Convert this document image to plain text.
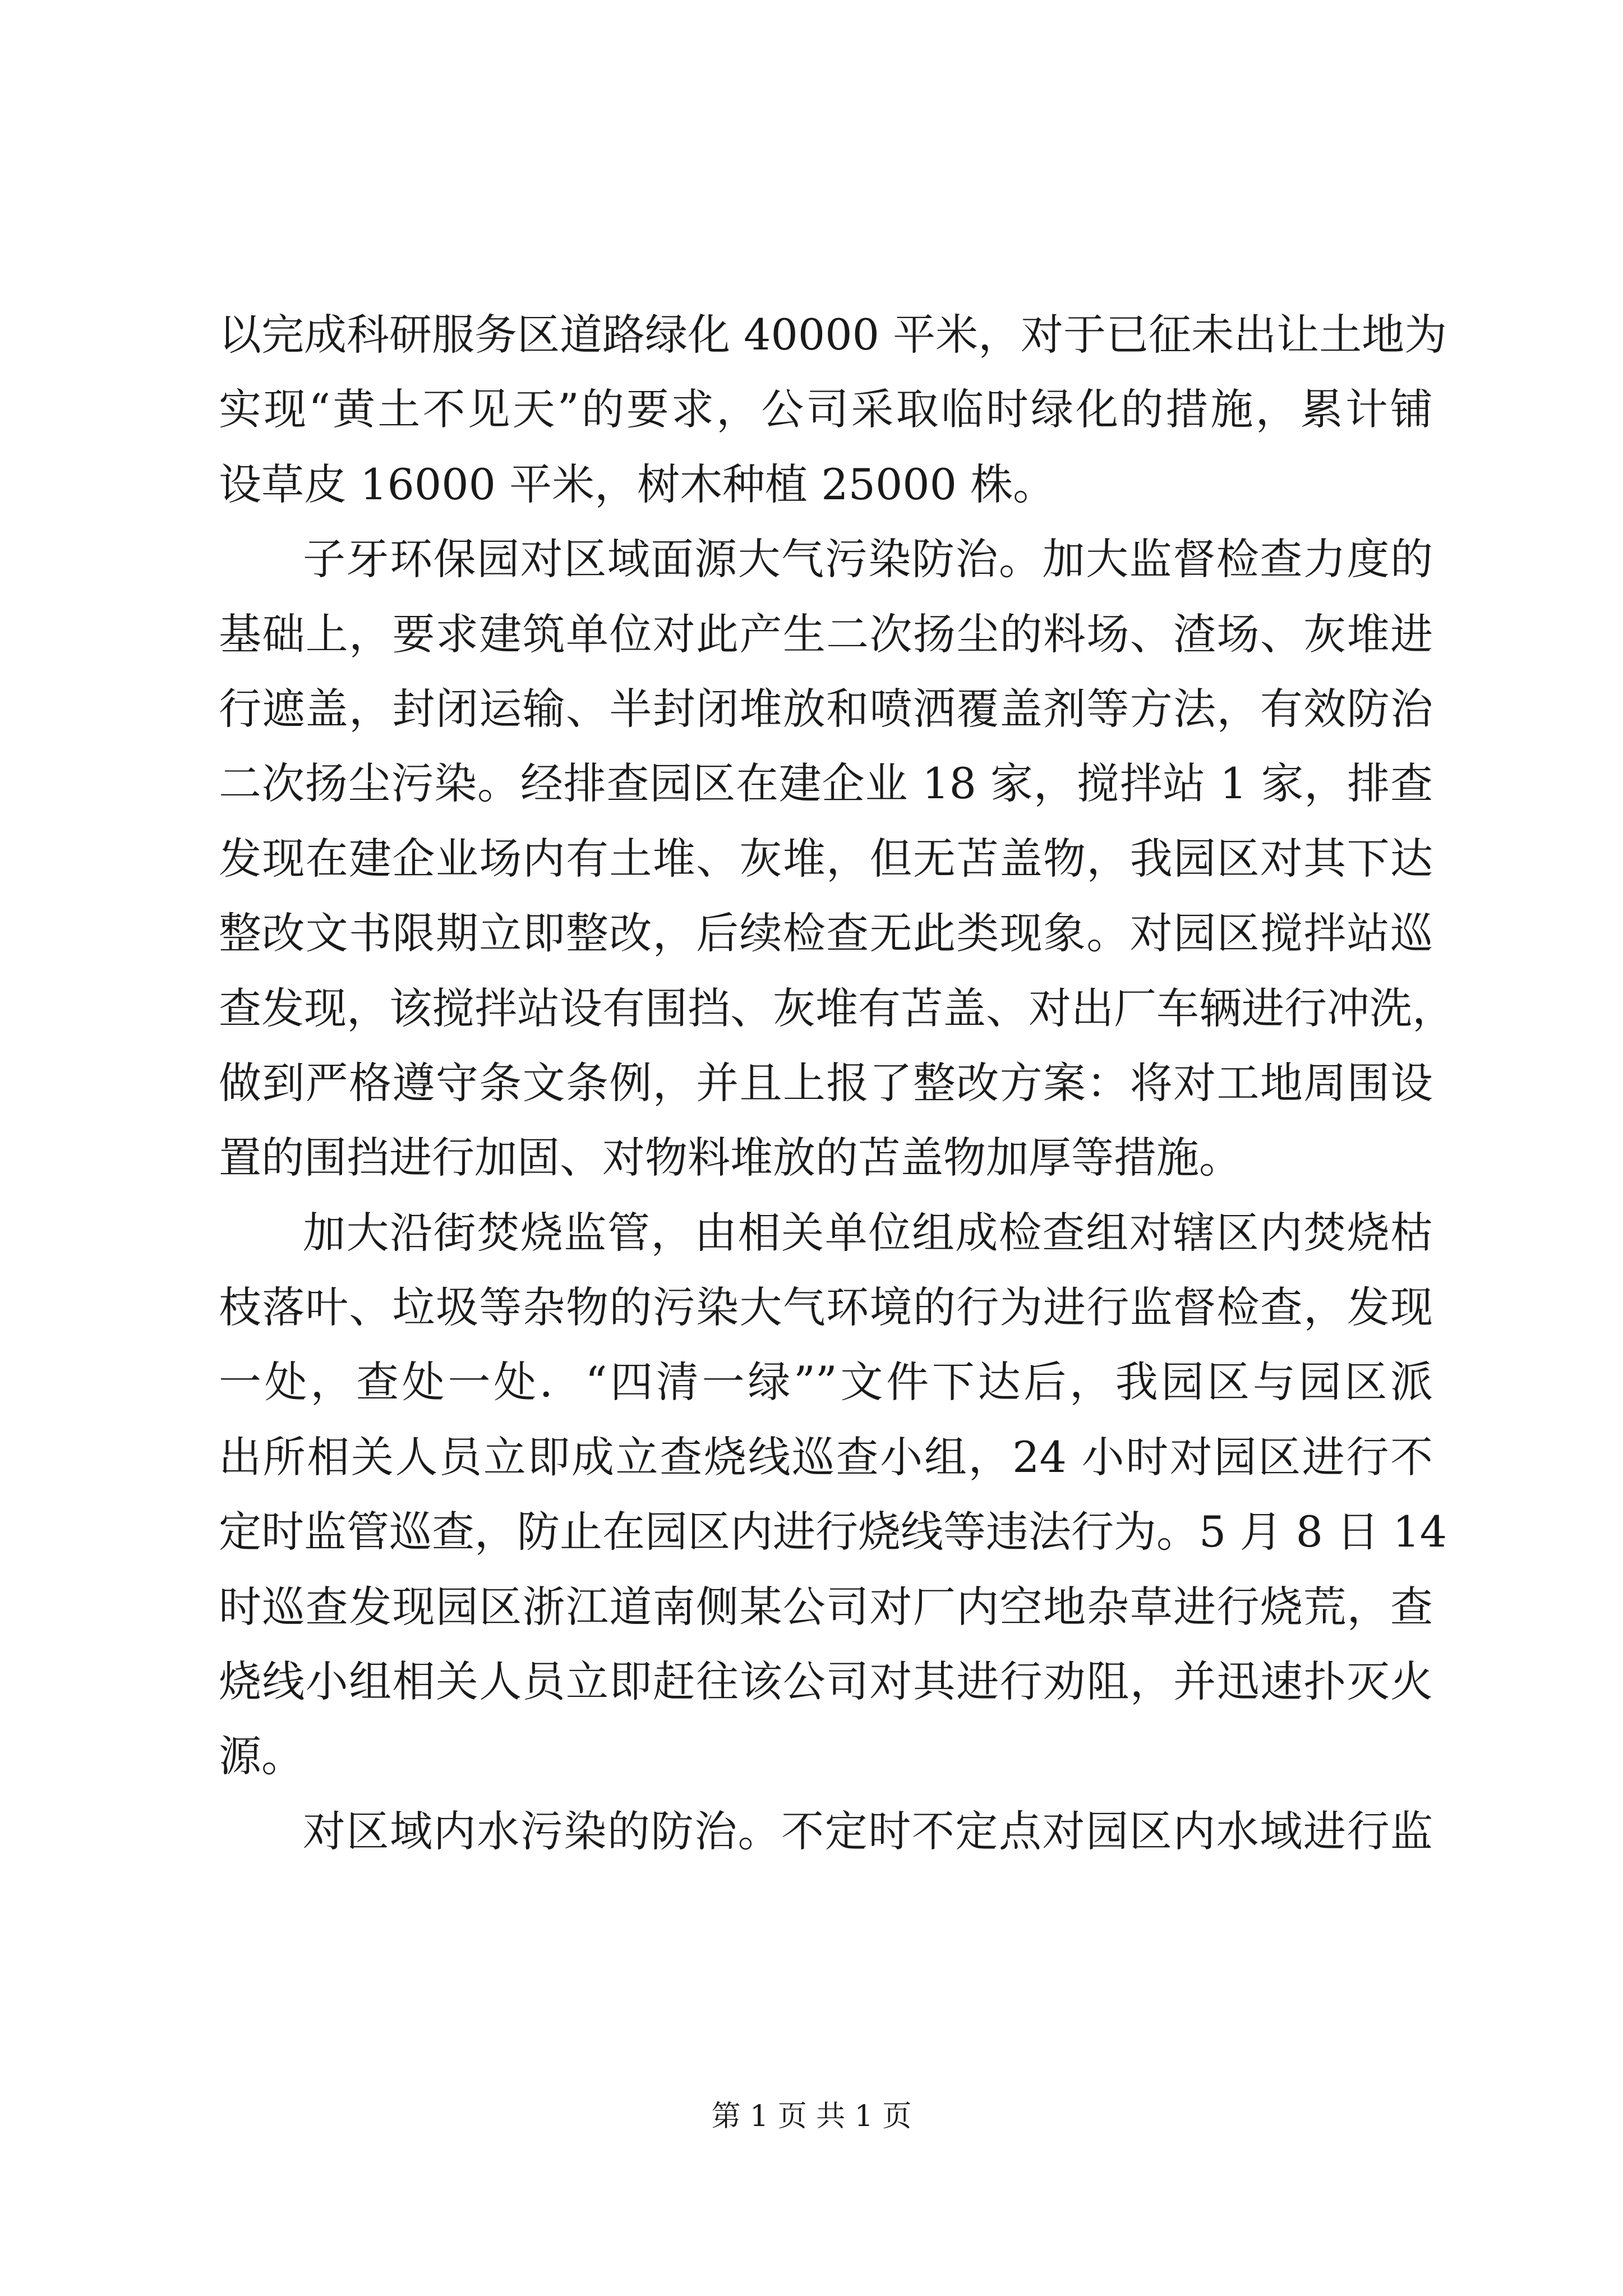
以完成科研服务区道路绿化 40000 平米，对于已征未出让土地为
实现“黄土不见天”的要求，公司采取临时绿化的措施，累计铺
设草皮 16000 平米，树木种植 25000 株。
子牙环保园对区域面源大气污染防治。加大监督检查力度的
基础上，要求建筑单位对此产生二次扬尘的料场、渣场、灰堆进
行遮盖，封闭运输、半封闭堆放和喷洒覆盖剂等方法，有效防治
二次扬尘污染。经排查园区在建企业 18 家，搅拌站 1 家，排查
发现在建企业场内有土堆、灰堆，但无苫盖物，我园区对其下达
整改文书限期立即整改，后续检查无此类现象。对园区搅拌站巡
查发现，该搅拌站设有围挡、灰堆有苫盖、对出厂车辆进行冲洗，
做到严格遵守条文条例，并且上报了整改方案：将对工地周围设
置的围挡进行加固、对物料堆放的苫盖物加厚等措施。
加大沿街焚烧监管，由相关单位组成检查组对辖区内焚烧枯
枝落叶、垃圾等杂物的污染大气环境的行为进行监督检查，发现
一处，查处一处．“四清一绿””文件下达后，我园区与园区派
出所相关人员立即成立查烧线巡查小组，24 小时对园区进行不
定时监管巡查，防止在园区内进行烧线等违法行为。5 月 8 日 14
时巡查发现园区浙江道南侧某公司对厂内空地杂草进行烧荒，查
烧线小组相关人员立即赶往该公司对其进行劝阻，并迅速扑灭火
源。
对区域内水污染的防治。不定时不定点对园区内水域进行监
第 1 页 共 1 页
